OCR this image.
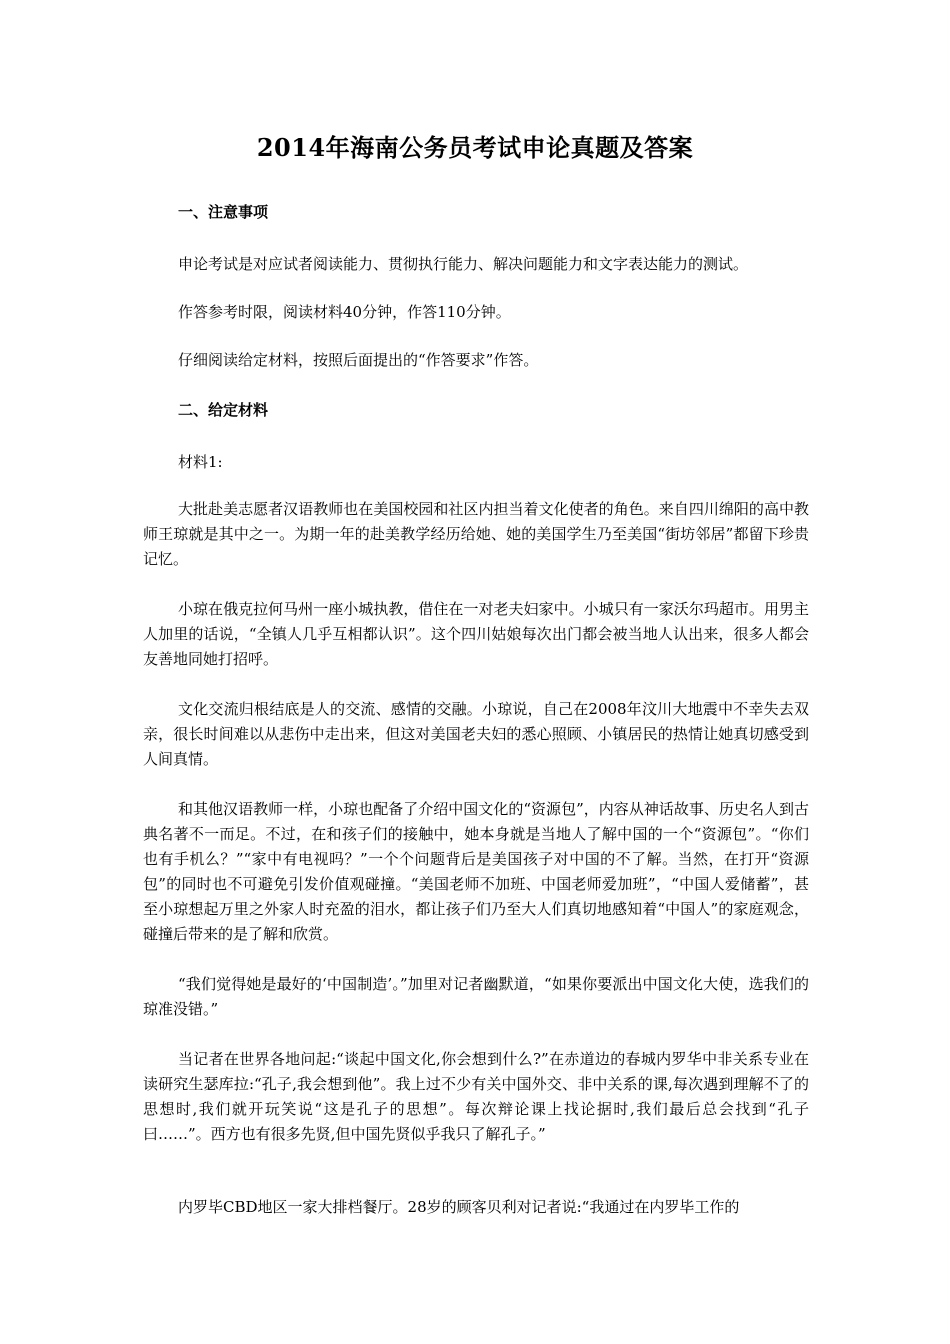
2014年海南公务员考试申论真题及答案

一、注意事项

申论考试是对应试者阅读能力、贯彻执行能力、解决问题能力和文字表达能力的测试。

作答参考时限，阅读材料40分钟，作答110分钟。

仔细阅读给定材料，按照后面提出的“作答要求”作答。

二、给定材料

材料1:

大批赴美志愿者汉语教师也在美国校园和社区内担当着文化使者的角色。来自四川绵阳的高中教师王琼就是其中之一。为期一年的赴美教学经历给她、她的美国学生乃至美国“街坊邻居”都留下珍贵记忆。

小琼在俄克拉何马州一座小城执教，借住在一对老夫妇家中。小城只有一家沃尔玛超市。用男主人加里的话说，“全镇人几乎互相都认识”。这个四川姑娘每次出门都会被当地人认出来，很多人都会友善地同她打招呼。

文化交流归根结底是人的交流、感情的交融。小琼说，自己在2008年汶川大地震中不幸失去双亲，很长时间难以从悲伤中走出来，但这对美国老夫妇的悉心照顾、小镇居民的热情让她真切感受到人间真情。

和其他汉语教师一样，小琼也配备了介绍中国文化的“资源包”，内容从神话故事、历史名人到古典名著不一而足。不过，在和孩子们的接触中，她本身就是当地人了解中国的一个“资源包”。“你们也有手机么？”“家中有电视吗？”一个个问题背后是美国孩子对中国的不了解。当然，在打开“资源包”的同时也不可避免引发价值观碰撞。“美国老师不加班、中国老师爱加班”，“中国人爱储蓄”，甚至小琼想起万里之外家人时充盈的泪水，都让孩子们乃至大人们真切地感知着“中国人”的家庭观念，碰撞后带来的是了解和欣赏。

“我们觉得她是最好的‘中国制造’。”加里对记者幽默道，“如果你要派出中国文化大使，选我们的琼准没错。”

当记者在世界各地问起:“谈起中国文化,你会想到什么?”在赤道边的春城内罗华中非关系专业在读研究生瑟库拉:“孔子,我会想到他”。我上过不少有关中国外交、非中关系的课,每次遇到理解不了的思想时,我们就开玩笑说“这是孔子的思想”。每次辩论课上找论据时,我们最后总会找到“孔子曰……”。西方也有很多先贤,但中国先贤似乎我只了解孔子。”

内罗毕CBD地区一家大排档餐厅。28岁的顾客贝利对记者说:“我通过在内罗毕工作的
